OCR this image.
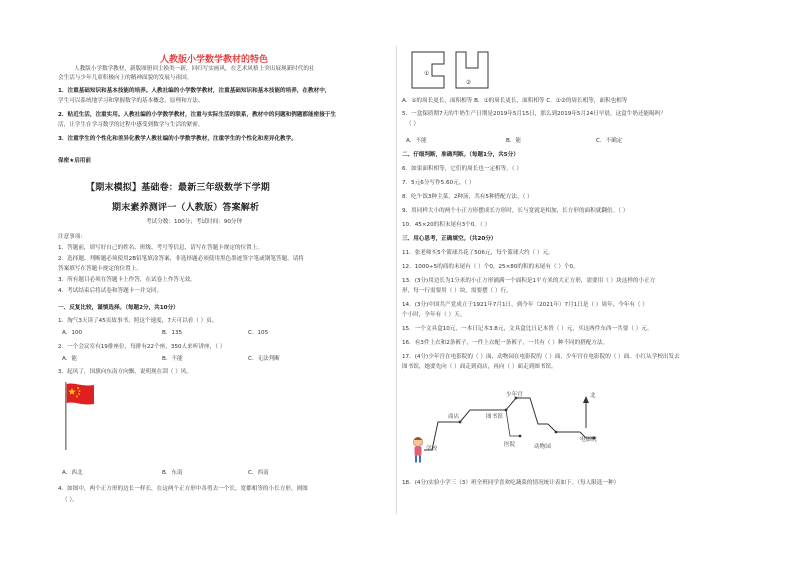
人教版小学数学教材的特色
人教版小学数学教材，新版图册回主换类一新，回归写实画风，在艺术风格上突出展现新时代的社
会生活与少年儿童积极向上的精神面貌的发展与祖国。
1．注重基础知识和基本技能的培养。人教社编的小学数学教材，注重基础知识和基本技能的培养，在教材中，
学生可以系统地学习和掌握数学的基本概念、原理和方法。
2．贴近生活，注重实用。人教社编的小学数学教材，注重与实际生活的联系，教材中的问题和例题都能密接于生
活，让学生在学习数学的过程中感受到数学与生活的紧密。
3．注重学生的个性化和差异化教学人教社编的小学数学教材，注重学生的个性化和差异化教学。
保密★启用前
【期末模拟】基础卷：最新三年级数学下学期
期末素养测评一（人教版）答案解析
考试分数：100分；考试时间：90分钟
注意事项：
1．答题前，填写好自己的姓名、班级、考号等信息，请写在答题卡规定的位置上。
2．选择题、判断题必须使用2B铅笔填涂答案，非选择题必须使用黑色墨迹签字笔或钢笔答题，请将
答案填写在答题卡规定的位置上。
3．所有题目必须在答题卡上作答，在试卷上作答无效。
4．考试结束后将试卷和答题卡一并交回。
一、反复比较，谨慎选择。（每题2分，共10分）
1．淘气3天读了45页故事书，照这个速度，7天可以看（ ）页。
A．100	B．135	C．105
2．一个会议室有19排座位，每排有22个座，350人来听讲座，（ ）
A．能	B．不能	C．无法判断
3．起风了，国旗向东南方向飘，说明现在刮（ ）风。
A．西北	B．东南	C．西南
4．如图中，两个正方形的边长一样长，在这两个正方形中各剪去一个长，宽都相等的小长方形，则图
（ ）。
①
②
A．①的周长更长，面积相等 B．①的周长更长，面积相等 C．①②的周长相等，面积也相等
5．一盒保质期7天的牛奶生产日期是2019年5月15日，那么到2019年5月24日早晨，这盒牛奶还能喝吗？
（ ）
A．不能	B．能	C．不确定
二、仔细判断，准确判断。（每题1分，共5分）
6．如果面积相等，它们的周长也一定相等。（ ）
7．5元6分写作5.60元。（ ）
8．吃午饭3种主菜，2种汤，共有5种搭配方法。（ ）
9．用同样大小的两个小正方形摆成长方形时，长与宽就是相加，长方形的面积就翻倍。（ ）
10．45×20的积末尾有3个0。（ ）
三、用心思考，正确填空。（共20分）
11．张老师买5个篮球共花了506元，每个篮球大约（ ）元。
12．1000÷5的商的末尾有（ ）个0，25×80的积的末尾有（ ）个0。
13．(3分)用边长为1分米的小正方形铺满一个面积是1平方米的大正方形，需要用（ ）块这样的小正方
形，每一行需要用（ ）块，需要摆（ ）行。
14．(3分)中国共产党成立于1921年7月1日，到今年（2021年）7月1日是（ ）周年，今年有（ ）
个小时，全年有（ ）天。
15．一个文具盒10元，一本日记本3.8元，文具盒比日记本贵（ ）元，买这两件东西一共要（ ）元。
16．有3件上衣和2条裤子，一件上衣配一条裤子，一共有（ ）种不同的搭配方法。
17．(4分)少年宫在电影院的（ ）面，动物园在电影院的（ ）面，少年宫在电影院的（ ）面。小红从学校出发去
图书馆，她要先向（ ）面走到商店，再向（ ）面走到图书馆。
少年宫
商店	图书馆
学校
医院	动物园
电影院
北
18．(4分)实验小学三（3）班全班同学喜欢吃蔬菜的情况统计表如下。（每人限选一种）
